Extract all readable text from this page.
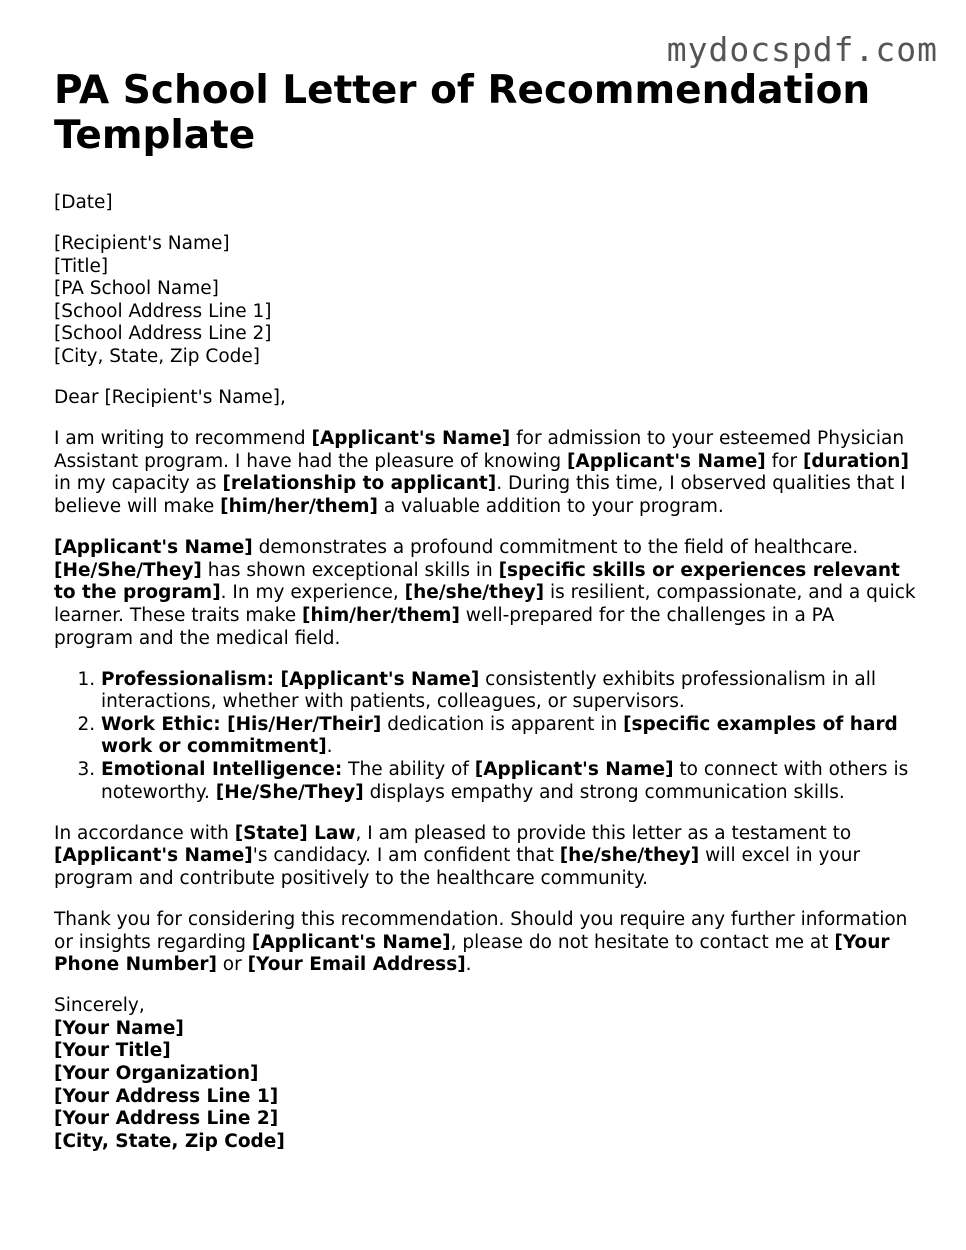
mydocspdf.com
PA School Letter of Recommendation Template

[Date]

[Recipient's Name]
[Title]
[PA School Name]
[School Address Line 1]
[School Address Line 2]
[City, State, Zip Code]

Dear [Recipient's Name],

I am writing to recommend [Applicant's Name] for admission to your esteemed Physician Assistant program. I have had the pleasure of knowing [Applicant's Name] for [duration] in my capacity as [relationship to applicant]. During this time, I observed qualities that I believe will make [him/her/them] a valuable addition to your program.

[Applicant's Name] demonstrates a profound commitment to the field of healthcare. [He/She/They] has shown exceptional skills in [specific skills or experiences relevant to the program]. In my experience, [he/she/they] is resilient, compassionate, and a quick learner. These traits make [him/her/them] well-prepared for the challenges in a PA program and the medical field.

1. Professionalism: [Applicant's Name] consistently exhibits professionalism in all interactions, whether with patients, colleagues, or supervisors.
2. Work Ethic: [His/Her/Their] dedication is apparent in [specific examples of hard work or commitment].
3. Emotional Intelligence: The ability of [Applicant's Name] to connect with others is noteworthy. [He/She/They] displays empathy and strong communication skills.

In accordance with [State] Law, I am pleased to provide this letter as a testament to [Applicant's Name]'s candidacy. I am confident that [he/she/they] will excel in your program and contribute positively to the healthcare community.

Thank you for considering this recommendation. Should you require any further information or insights regarding [Applicant's Name], please do not hesitate to contact me at [Your Phone Number] or [Your Email Address].

Sincerely,
[Your Name]
[Your Title]
[Your Organization]
[Your Address Line 1]
[Your Address Line 2]
[City, State, Zip Code]
